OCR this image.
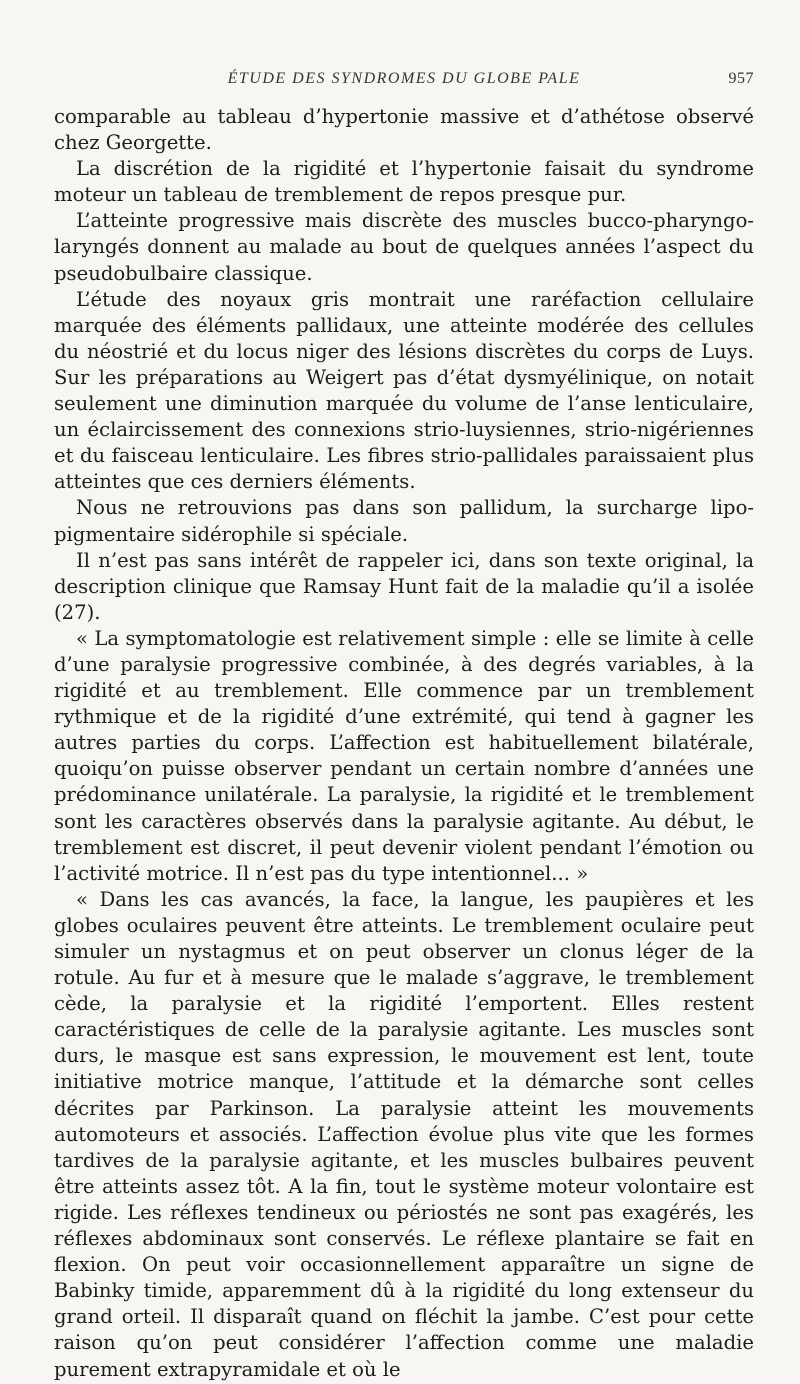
ÉTUDE DES SYNDROMES DU GLOBE PALE	957

comparable au tableau d’hypertonie massive et d’athétose observé chez Georgette.

La discrétion de la rigidité et l’hypertonie faisait du syndrome moteur un tableau de tremblement de repos presque pur.

L’atteinte progressive mais discrète des muscles bucco-pharyngo-laryngés donnent au malade au bout de quelques années l’aspect du pseudobulbaire classique.

L’étude des noyaux gris montrait une raréfaction cellulaire marquée des éléments pallidaux, une atteinte modérée des cellules du néostrié et du locus niger des lésions discrètes du corps de Luys. Sur les préparations au Weigert pas d’état dysmyélinique, on notait seulement une diminution marquée du volume de l’anse lenticulaire, un éclaircissement des connexions strio-luysiennes, strio-nigériennes et du faisceau lenticulaire. Les fibres strio-pallidales paraissaient plus atteintes que ces derniers éléments.

Nous ne retrouvions pas dans son pallidum, la surcharge lipo-pigmentaire sidérophile si spéciale.

Il n’est pas sans intérêt de rappeler ici, dans son texte original, la description clinique que Ramsay Hunt fait de la maladie qu’il a isolée (27).

« La symptomatologie est relativement simple : elle se limite à celle d’une paralysie progressive combinée, à des degrés variables, à la rigidité et au tremblement. Elle commence par un tremblement rythmique et de la rigidité d’une extrémité, qui tend à gagner les autres parties du corps. L’affection est habituellement bilatérale, quoiqu’on puisse observer pendant un certain nombre d’années une prédominance unilatérale. La paralysie, la rigidité et le tremblement sont les caractères observés dans la paralysie agitante. Au début, le tremblement est discret, il peut devenir violent pendant l’émotion ou l’activité motrice. Il n’est pas du type intentionnel... »

« Dans les cas avancés, la face, la langue, les paupières et les globes oculaires peuvent être atteints. Le tremblement oculaire peut simuler un nystagmus et on peut observer un clonus léger de la rotule. Au fur et à mesure que le malade s’aggrave, le tremblement cède, la paralysie et la rigidité l’emportent. Elles restent caractéristiques de celle de la paralysie agitante. Les muscles sont durs, le masque est sans expression, le mouvement est lent, toute initiative motrice manque, l’attitude et la démarche sont celles décrites par Parkinson. La paralysie atteint les mouvements automoteurs et associés. L’affection évolue plus vite que les formes tardives de la paralysie agitante, et les muscles bulbaires peuvent être atteints assez tôt. A la fin, tout le système moteur volontaire est rigide. Les réflexes tendineux ou périostés ne sont pas exagérés, les réflexes abdominaux sont conservés. Le réflexe plantaire se fait en flexion. On peut voir occasionnellement apparaître un signe de Babinky timide, apparemment dû à la rigidité du long extenseur du grand orteil. Il disparaît quand on fléchit la jambe. C’est pour cette raison qu’on peut considérer l’affection comme une maladie purement extrapyramidale et où le
